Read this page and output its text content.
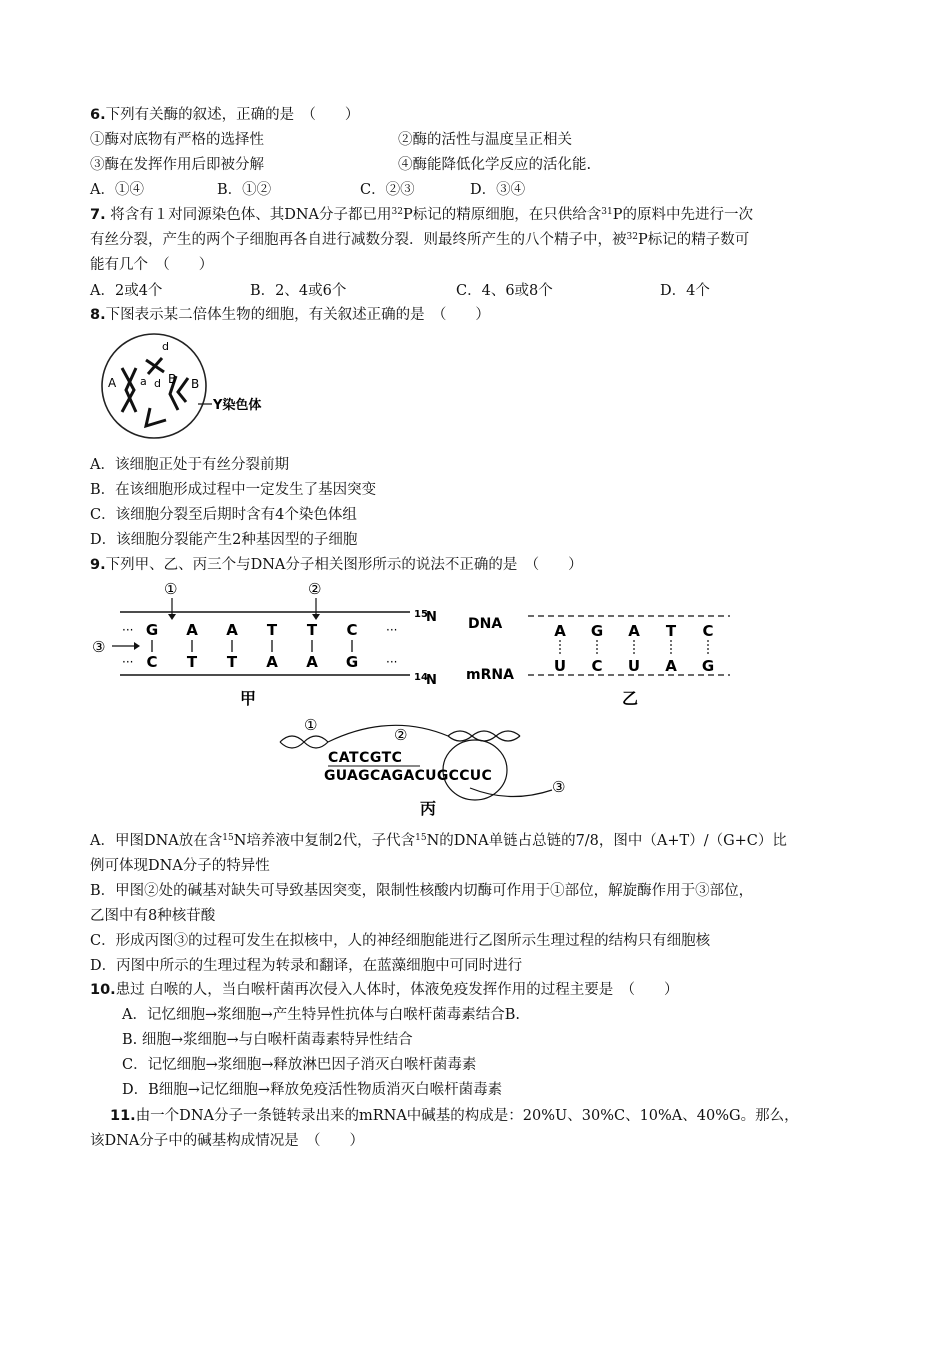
6.下列有关酶的叙述，正确的是　（　　）
①酶对底物有严格的选择性	②酶的活性与温度呈正相关
③酶在发挥作用后即被分解	④酶能降低化学反应的活化能.
A．①④	B．①②	C．②③	D．③④
7. 将含有１对同源染色体、其DNA分子都已用$^{32}$P标记的精原细胞，在只供给含$^{31}$P的原料中先进行一次
有丝分裂，产生的两个子细胞再各自进行减数分裂．则最终所产生的八个精子中，被$^{32}$P标记的精子数可
能有几个　（　　）
A．2或4个	B．2、4或6个	C．4、6或8个	D．4个
8.下图表示某二倍体生物的细胞，有关叙述正确的是　（　　）
A a
d
d B B
Y染色体
A．该细胞正处于有丝分裂前期
B．在该细胞形成过程中一定发生了基因突变
C．该细胞分裂至后期时含有4个染色体组
D．该细胞分裂能产生2种基因型的子细胞
9.下列甲、乙、丙三个与DNA分子相关图形所示的说法不正确的是　（　　）
①	②
③
···
···
···
···
G
C
A
T
A
T
T
A
T
A
C
G
15
N
14
N
甲
DNA
mRNA
A
U
G
C
A
U
T
A
C
G
乙
①
②
③
CATCGTC
GUAGCAGACUGCCUC
丙
A．甲图DNA放在含$^{15}$N培养液中复制2代，子代含$^{15}$N的DNA单链占总链的7/8，图中（A+T）/（G+C）比
例可体现DNA分子的特异性
B．甲图②处的碱基对缺失可导致基因突变，限制性核酸内切酶可作用于①部位，解旋酶作用于③部位，
乙图中有8种核苷酸
C．形成丙图③的过程可发生在拟核中，人的神经细胞能进行乙图所示生理过程的结构只有细胞核
D．丙图中所示的生理过程为转录和翻译，在蓝藻细胞中可同时进行
10.患过 白喉的人，当白喉杆菌再次侵入人体时，体液免疫发挥作用的过程主要是　（　　）
A．记忆细胞→浆细胞→产生特异性抗体与白喉杆菌毒素结合B.
B. 细胞→浆细胞→与白喉杆菌毒素特异性结合
C．记忆细胞→浆细胞→释放淋巴因子消灭白喉杆菌毒素
D．B细胞→记忆细胞→释放免疫活性物质消灭白喉杆菌毒素
11.由一个DNA分子一条链转录出来的mRNA中碱基的构成是：20%U、30%C、10%A、40%G。那么，
该DNA分子中的碱基构成情况是　（　　）
